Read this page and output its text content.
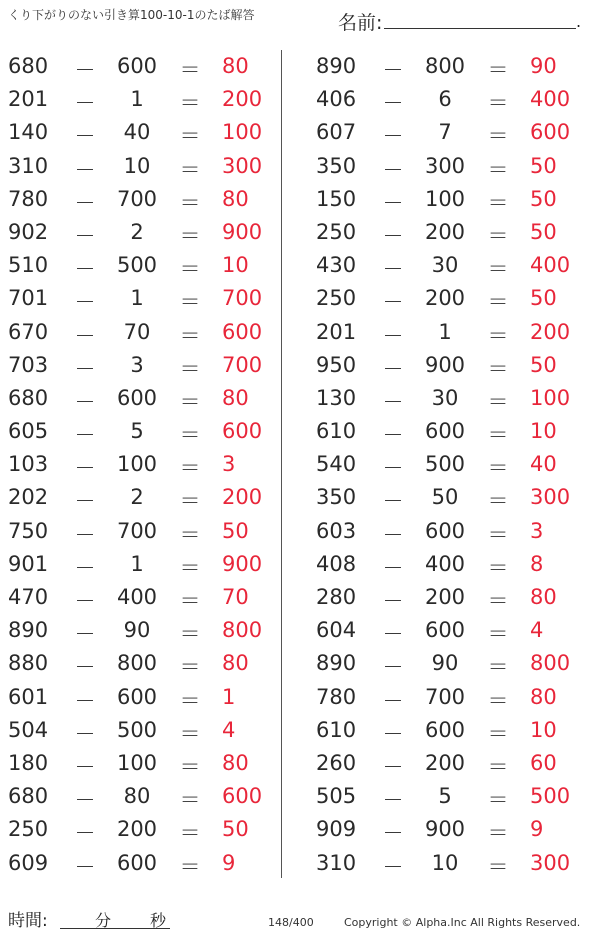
くり下がりのない引き算100-10-1のたば解答	名前:	.
680 －	600	＝ 80
201 －	1	＝ 200
140 －	40	＝ 100
310 －	10	＝ 300
780 －	700	＝ 80
902 －	2	＝ 900
510 －	500	＝ 10
701 －	1	＝ 700
670 －	70	＝ 600
703 －	3	＝ 700
680 －	600	＝ 80
605 －	5	＝ 600
103 －	100	＝ 3
202 －	2	＝ 200
750 －	700	＝ 50
901 －	1	＝ 900
470 －	400	＝ 70
890 －	90	＝ 800
880 －	800	＝ 80
601 －	600	＝ 1
504 －	500	＝ 4
180 －	100	＝ 80
680 －	80	＝ 600
250 －	200	＝ 50
609 －	600	＝ 9
890 －	800	＝ 90
406 －	6	＝ 400
607 －	7	＝ 600
350 －	300	＝ 50
150 －	100	＝ 50
250 －	200	＝ 50
430 －	30	＝ 400
250 －	200	＝ 50
201 －	1	＝ 200
950 －	900	＝ 50
130 －	30	＝ 100
610 －	600	＝ 10
540 －	500	＝ 40
350 －	50	＝ 300
603 －	600	＝ 3
408 －	400	＝ 8
280 －	200	＝ 80
604 －	600	＝ 4
890 －	90	＝ 800
780 －	700	＝ 80
610 －	600	＝ 10
260 －	200	＝ 60
505 －	5	＝ 500
909 －	900	＝ 9
310 －	10	＝ 300
時間:	分 秒	148/400	Copyright © Alpha.Inc All Rights Reserved.
